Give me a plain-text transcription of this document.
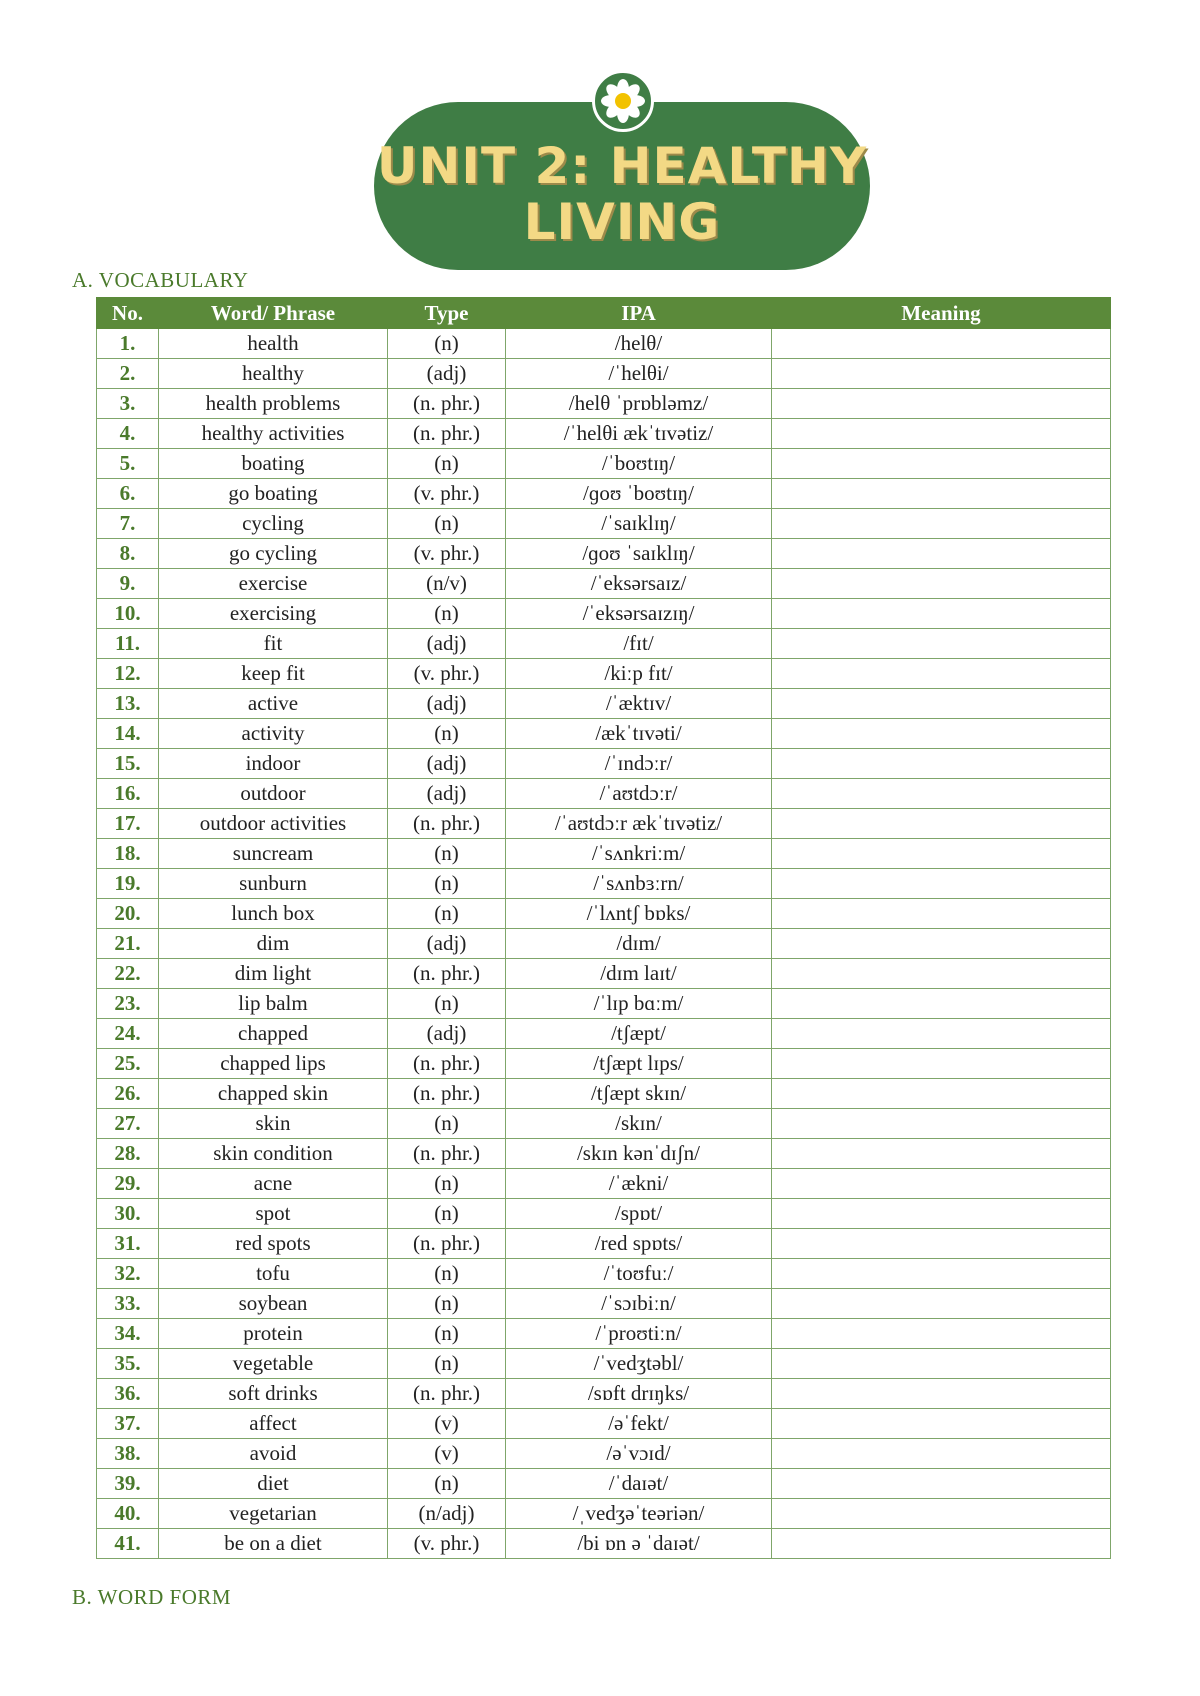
UNIT 2: HEALTHY
LIVING
A. VOCABULARY
No.	Word/ Phrase	Type	IPA	Meaning
1.	health	(n)	/helθ/	
2.	healthy	(adj)	/ˈhelθi/	
3.	health problems	(n. phr.)	/helθ ˈprɒbləmz/	
4.	healthy activities	(n. phr.)	/ˈhelθi ækˈtɪvətiz/	
5.	boating	(n)	/ˈboʊtɪŋ/	
6.	go boating	(v. phr.)	/ɡoʊ ˈboʊtɪŋ/	
7.	cycling	(n)	/ˈsaɪklɪŋ/	
8.	go cycling	(v. phr.)	/ɡoʊ ˈsaɪklɪŋ/	
9.	exercise	(n/v)	/ˈeksərsaɪz/	
10.	exercising	(n)	/ˈeksərsaɪzɪŋ/	
11.	fit	(adj)	/fɪt/	
12.	keep fit	(v. phr.)	/kiːp fɪt/	
13.	active	(adj)	/ˈæktɪv/	
14.	activity	(n)	/ækˈtɪvəti/	
15.	indoor	(adj)	/ˈɪndɔːr/	
16.	outdoor	(adj)	/ˈaʊtdɔːr/	
17.	outdoor activities	(n. phr.)	/ˈaʊtdɔːr ækˈtɪvətiz/	
18.	suncream	(n)	/ˈsʌnkriːm/	
19.	sunburn	(n)	/ˈsʌnbɜːrn/	
20.	lunch box	(n)	/ˈlʌntʃ bɒks/	
21.	dim	(adj)	/dɪm/	
22.	dim light	(n. phr.)	/dɪm laɪt/	
23.	lip balm	(n)	/ˈlɪp bɑːm/	
24.	chapped	(adj)	/tʃæpt/	
25.	chapped lips	(n. phr.)	/tʃæpt lɪps/	
26.	chapped skin	(n. phr.)	/tʃæpt skɪn/	
27.	skin	(n)	/skɪn/	
28.	skin condition	(n. phr.)	/skɪn kənˈdɪʃn/	
29.	acne	(n)	/ˈækni/	
30.	spot	(n)	/spɒt/	
31.	red spots	(n. phr.)	/red spɒts/	
32.	tofu	(n)	/ˈtoʊfuː/	
33.	soybean	(n)	/ˈsɔɪbiːn/	
34.	protein	(n)	/ˈproʊtiːn/	
35.	vegetable	(n)	/ˈvedʒtəbl/	
36.	soft drinks	(n. phr.)	/sɒft drɪŋks/	
37.	affect	(v)	/əˈfekt/	
38.	avoid	(v)	/əˈvɔɪd/	
39.	diet	(n)	/ˈdaɪət/	
40.	vegetarian	(n/adj)	/ˌvedʒəˈteəriən/	
41.	be on a diet	(v. phr.)	/bi ɒn ə ˈdaɪət/	
B. WORD FORM
